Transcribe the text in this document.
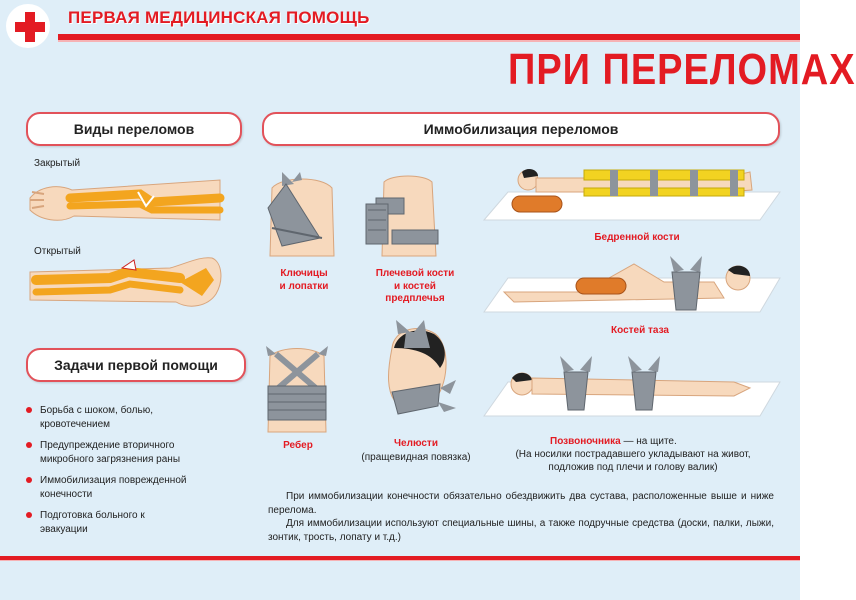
ПЕРВАЯ МЕДИЦИНСКАЯ ПОМОЩЬ
ПРИ ПЕРЕЛОМАХ
Виды переломов	Иммобилизация переломов
Задачи первой помощи
Закрытый
Открытый
Ключицы
и лопатки
Плечевой кости
и костей
предплечья
Ребер	Челюсти
(пращевидная повязка)
Бедренной кости
Костей таза
Позвоночника — на щите.
(На носилки пострадавшего укладывают на живот,
подложив под плечи и голову валик)
Борьба с шоком, болью,
кровотечением
Предупреждение вторичного
микробного загрязнения раны
Иммобилизация поврежденной
конечности
Подготовка больного к
эвакуации

При иммобилизации конечности обязательно обездвижить два сустава, расположенные выше и ниже перелома.

Для иммобилизации используют специальные шины, а также подручные средства (доски, палки, лыжи, зонтик, трость, лопату и т.д.)
